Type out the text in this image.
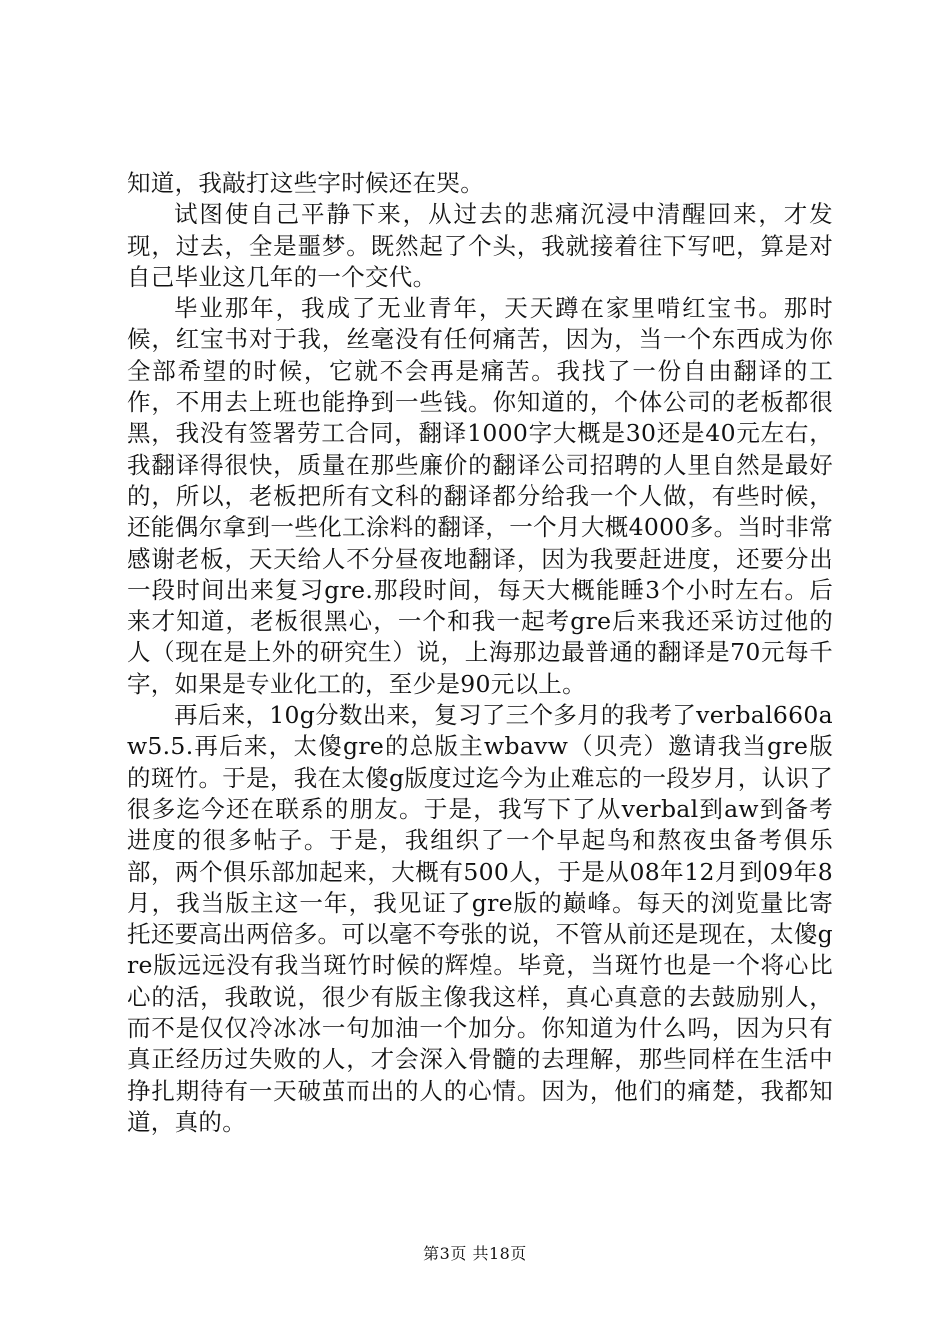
知道，我敲打这些字时候还在哭。

试图使自己平静下来，从过去的悲痛沉浸中清醒回来，才发现，过去，全是噩梦。既然起了个头，我就接着往下写吧，算是对自己毕业这几年的一个交代。

毕业那年，我成了无业青年，天天蹲在家里啃红宝书。那时候，红宝书对于我，丝毫没有任何痛苦，因为，当一个东西成为你全部希望的时候，它就不会再是痛苦。我找了一份自由翻译的工作，不用去上班也能挣到一些钱。你知道的，个体公司的老板都很黑，我没有签署劳工合同，翻译1000字大概是30还是40元左右，我翻译得很快，质量在那些廉价的翻译公司招聘的人里自然是最好的，所以，老板把所有文科的翻译都分给我一个人做，有些时候，还能偶尔拿到一些化工涂料的翻译，一个月大概4000多。当时非常感谢老板，天天给人不分昼夜地翻译，因为我要赶进度，还要分出一段时间出来复习gre.那段时间，每天大概能睡3个小时左右。后来才知道，老板很黑心，一个和我一起考gre后来我还采访过他的人（现在是上外的研究生）说，上海那边最普通的翻译是70元每千字，如果是专业化工的，至少是90元以上。

再后来，10g分数出来，复习了三个多月的我考了verbal660aw5.5.再后来，太傻gre的总版主wbavw（贝壳）邀请我当gre版的斑竹。于是，我在太傻g版度过迄今为止难忘的一段岁月，认识了很多迄今还在联系的朋友。于是，我写下了从verbal到aw到备考进度的很多帖子。于是，我组织了一个早起鸟和熬夜虫备考俱乐部，两个俱乐部加起来，大概有500人，于是从08年12月到09年8月，我当版主这一年，我见证了gre版的巅峰。每天的浏览量比寄托还要高出两倍多。可以毫不夸张的说，不管从前还是现在，太傻gre版远远没有我当斑竹时候的辉煌。毕竟，当斑竹也是一个将心比心的活，我敢说，很少有版主像我这样，真心真意的去鼓励别人，而不是仅仅冷冰冰一句加油一个加分。你知道为什么吗，因为只有真正经历过失败的人，才会深入骨髓的去理解，那些同样在生活中挣扎期待有一天破茧而出的人的心情。因为，他们的痛楚，我都知道，真的。

第3页 共18页
